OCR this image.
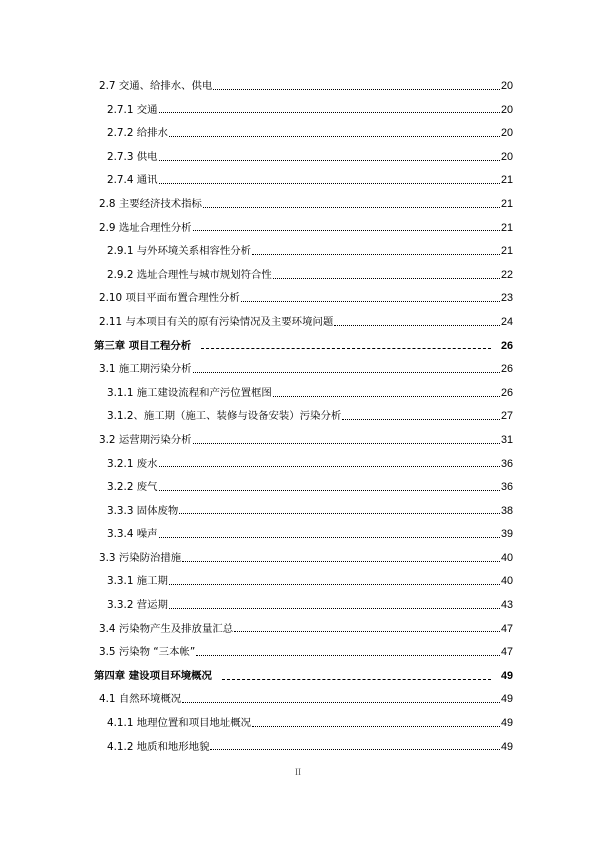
2.7 交通、给排水、供电	20
2.7.1 交通	20
2.7.2 给排水	20
2.7.3 供电	20
2.7.4 通讯	21
2.8 主要经济技术指标	21
2.9 选址合理性分析	21
2.9.1 与外环境关系相容性分析	21
2.9.2 选址合理性与城市规划符合性	22
2.10 项目平面布置合理性分析	23
2.11 与本项目有关的原有污染情况及主要环境问题	24
第三章 项目工程分析	26
3.1 施工期污染分析	26
3.1.1 施工建设流程和产污位置框图	26
3.1.2、施工期（施工、装修与设备安装）污染分析	27
3.2 运营期污染分析	31
3.2.1 废水	36
3.2.2 废气	36
3.3.3 固体废物	38
3.3.4 噪声	39
3.3 污染防治措施	40
3.3.1 施工期	40
3.3.2 营运期	43
3.4 污染物产生及排放量汇总	47
3.5 污染物 “三本帐”	47
第四章 建设项目环境概况	49
4.1 自然环境概况	49
4.1.1 地理位置和项目地址概况	49
4.1.2 地质和地形地貌	49
II
